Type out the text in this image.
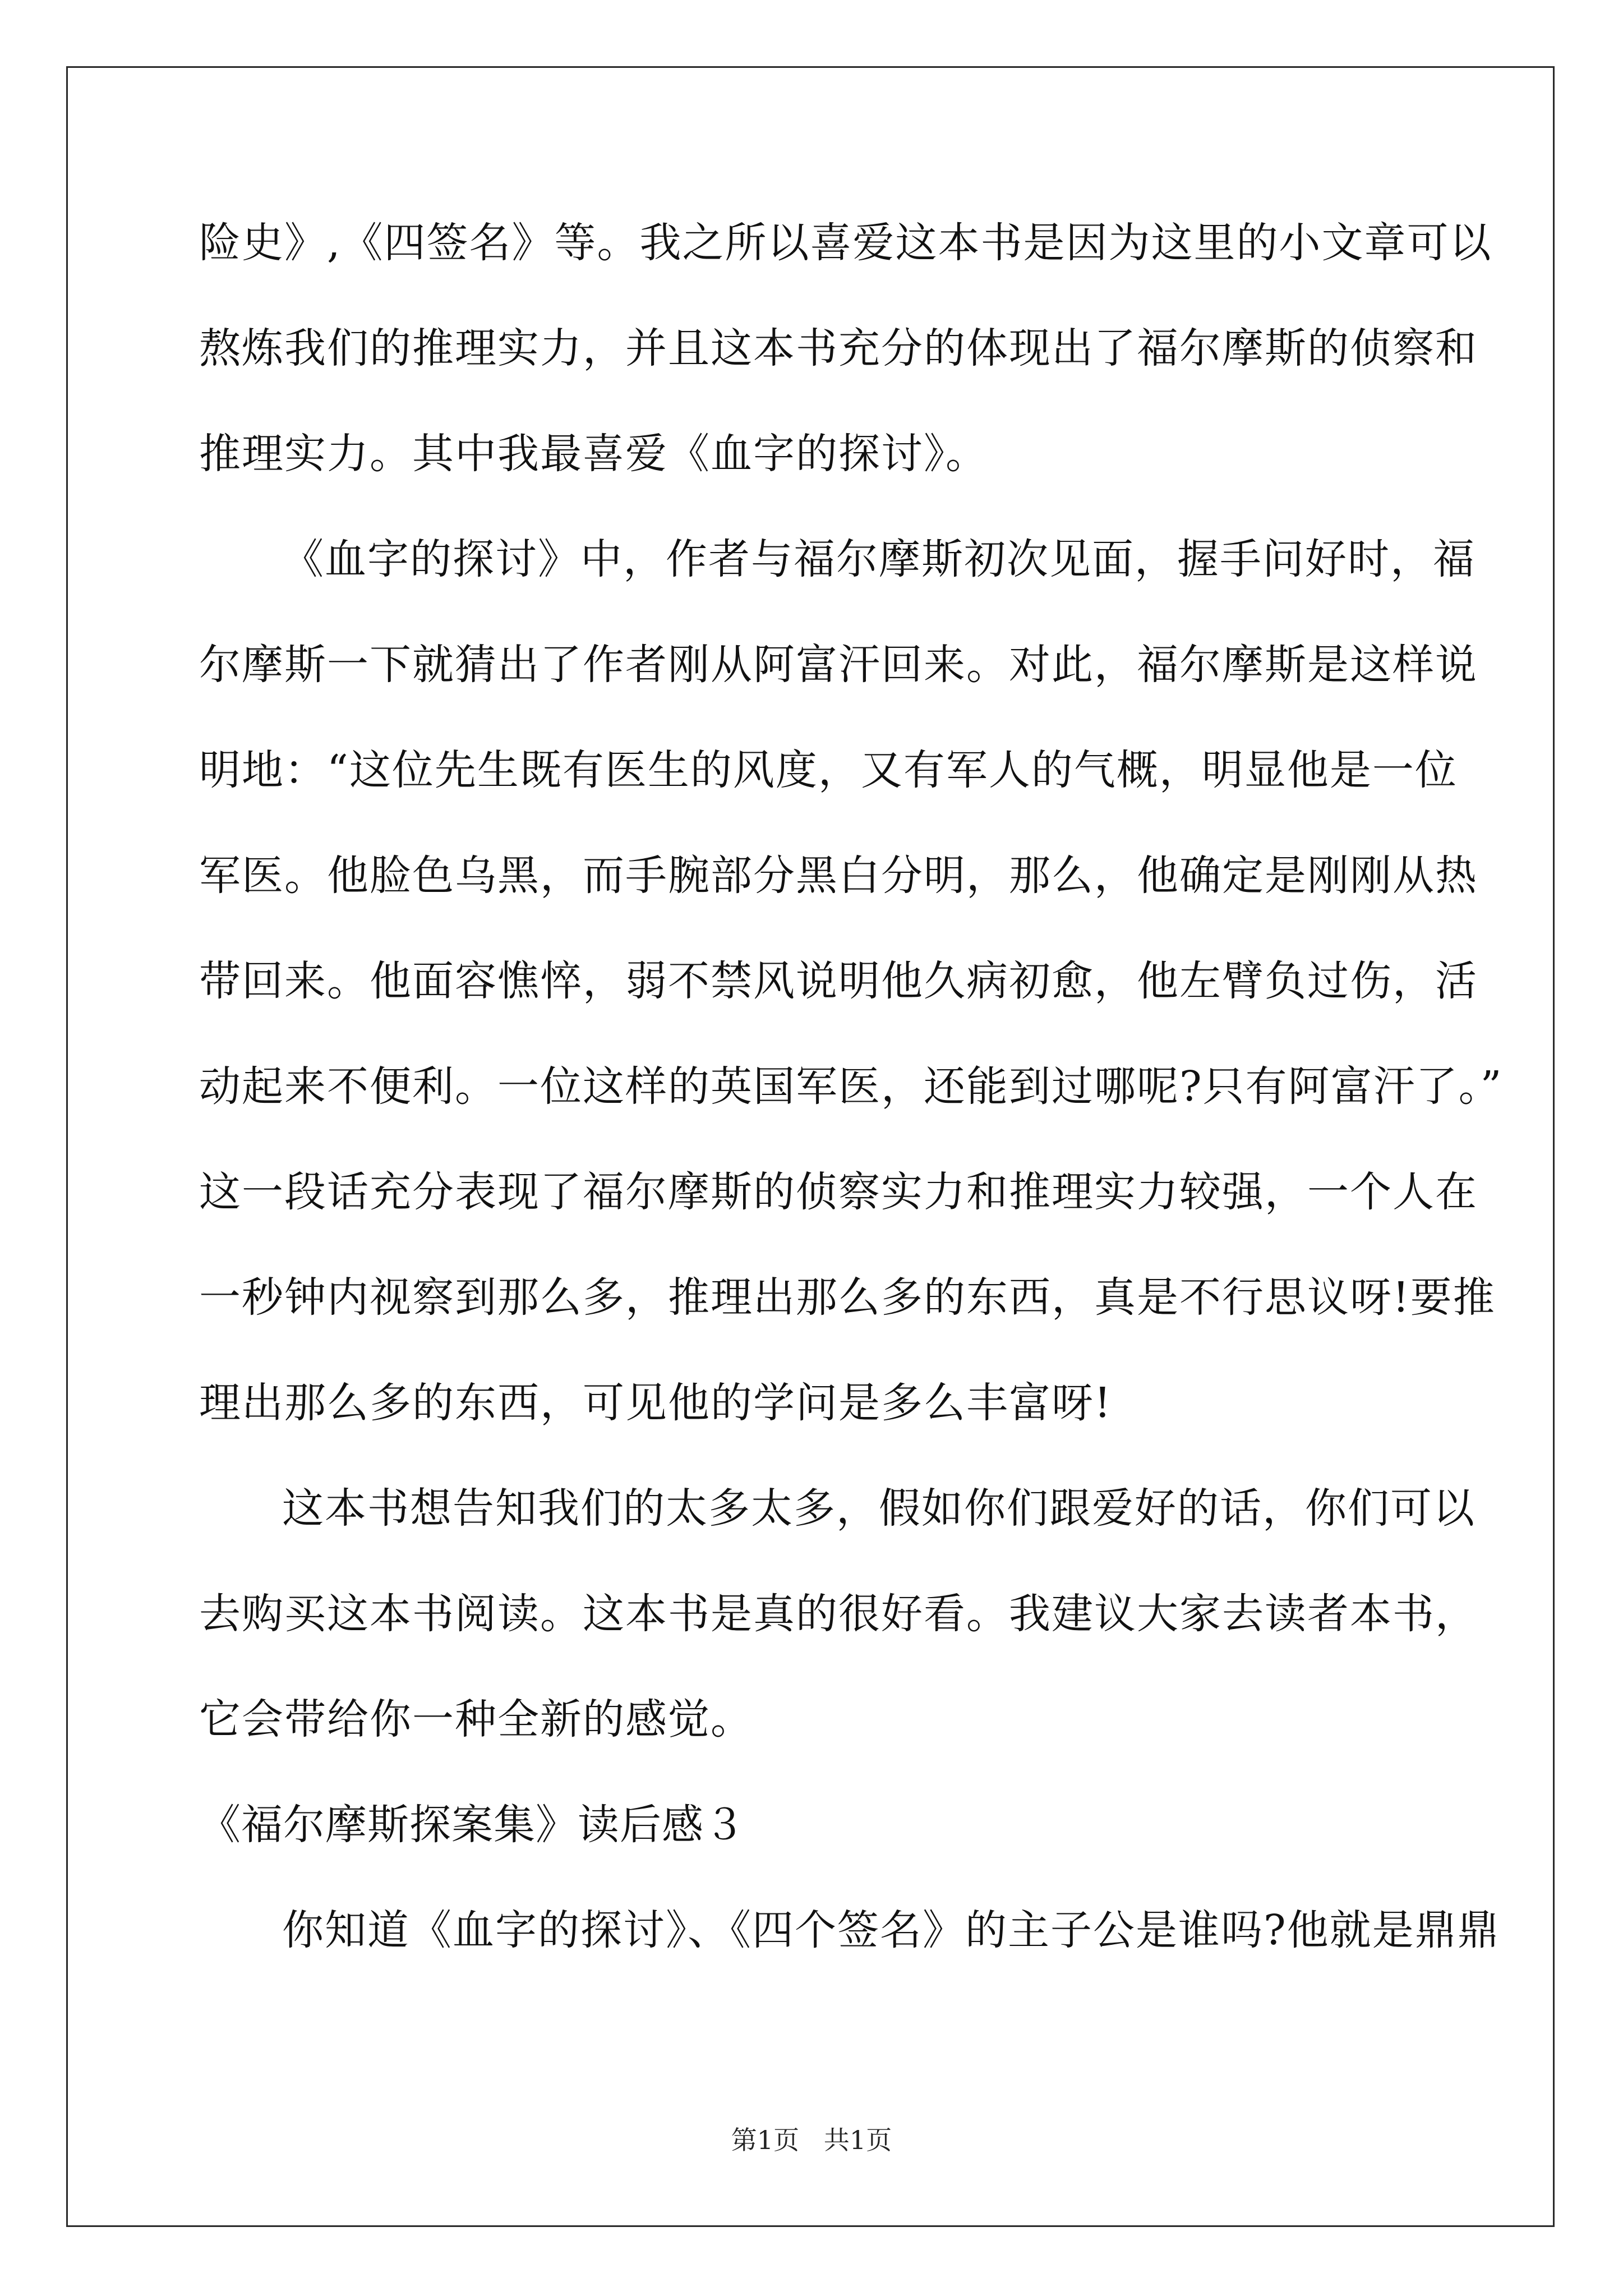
险史》,《四签名》等。我之所以喜爱这本书是因为这里的小文章可以
熬炼我们的推理实力，并且这本书充分的体现出了福尔摩斯的侦察和
推理实力。其中我最喜爱《血字的探讨》。
《血字的探讨》中，作者与福尔摩斯初次见面，握手问好时，福
尔摩斯一下就猜出了作者刚从阿富汗回来。对此，福尔摩斯是这样说
明地：“这位先生既有医生的风度，又有军人的气概，明显他是一位
军医。他脸色乌黑，而手腕部分黑白分明，那么，他确定是刚刚从热
带回来。他面容憔悴，弱不禁风说明他久病初愈，他左臂负过伤，活
动起来不便利。一位这样的英国军医，还能到过哪呢?只有阿富汗了。”
这一段话充分表现了福尔摩斯的侦察实力和推理实力较强，一个人在
一秒钟内视察到那么多，推理出那么多的东西，真是不行思议呀!要推
理出那么多的东西，可见他的学问是多么丰富呀!
这本书想告知我们的太多太多，假如你们跟爱好的话，你们可以
去购买这本书阅读。这本书是真的很好看。我建议大家去读者本书，
它会带给你一种全新的感觉。
《福尔摩斯探案集》读后感３
你知道《血字的探讨》、《四个签名》的主子公是谁吗?他就是鼎鼎
第1页   共1页
